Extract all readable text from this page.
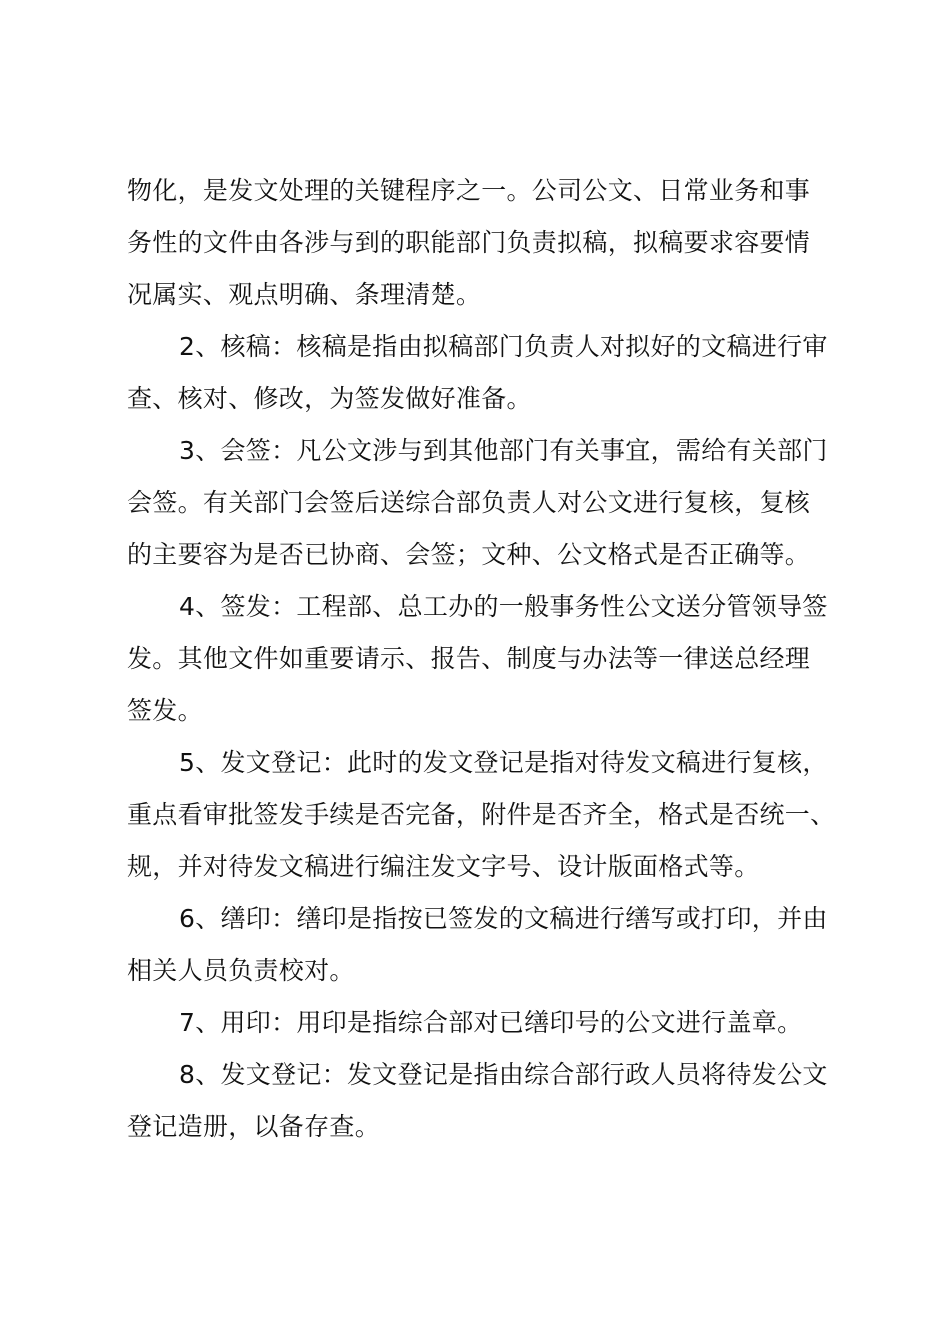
物化，是发文处理的关键程序之一。公司公文、日常业务和事
务性的文件由各涉与到的职能部门负责拟稿，拟稿要求容要情
况属实、观点明确、条理清楚。
2、核稿：核稿是指由拟稿部门负责人对拟好的文稿进行审
查、核对、修改，为签发做好准备。
3、会签：凡公文涉与到其他部门有关事宜，需给有关部门
会签。有关部门会签后送综合部负责人对公文进行复核，复核
的主要容为是否已协商、会签；文种、公文格式是否正确等。
4、签发：工程部、总工办的一般事务性公文送分管领导签
发。其他文件如重要请示、报告、制度与办法等一律送总经理
签发。
5、发文登记：此时的发文登记是指对待发文稿进行复核，
重点看审批签发手续是否完备，附件是否齐全，格式是否统一、
规，并对待发文稿进行编注发文字号、设计版面格式等。
6、缮印：缮印是指按已签发的文稿进行缮写或打印，并由
相关人员负责校对。
7、用印：用印是指综合部对已缮印号的公文进行盖章。
8、发文登记：发文登记是指由综合部行政人员将待发公文
登记造册，以备存查。
